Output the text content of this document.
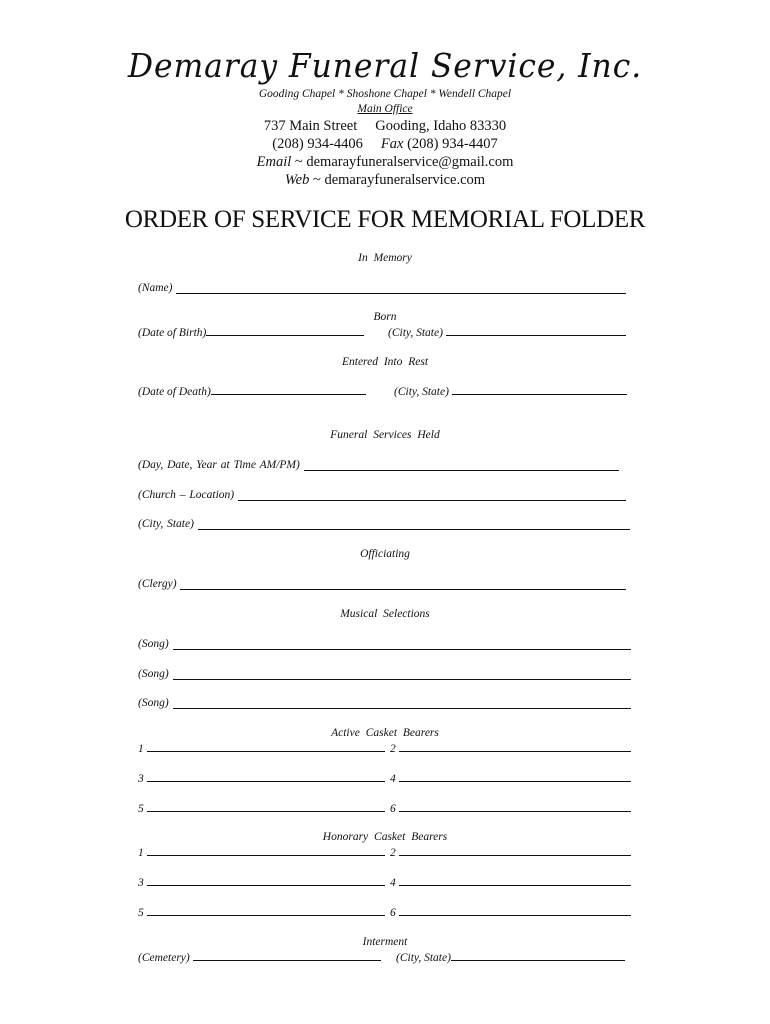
Demaray Funeral Service, Inc.
Gooding Chapel * Shoshone Chapel * Wendell Chapel
Main Office
737 Main Street Gooding, Idaho 83330
(208) 934-4406 Fax (208) 934-4407
Email ~ demarayfuneralservice@gmail.com
Web ~ demarayfuneralservice.com
ORDER OF SERVICE FOR MEMORIAL FOLDER
In Memory
(Name)
Born
(Date of Birth)	(City, State)
Entered Into Rest
(Date of Death)	(City, State)
Funeral Services Held
(Day, Date, Year at Time AM/PM)
(Church – Location)
(City, State)
Officiating
(Clergy)
Musical Selections
(Song)
(Song)
(Song)
Active Casket Bearers
1	2
3	4
5	6
Honorary Casket Bearers
1	2
3	4
5	6
Interment
(Cemetery)	(City, State)
